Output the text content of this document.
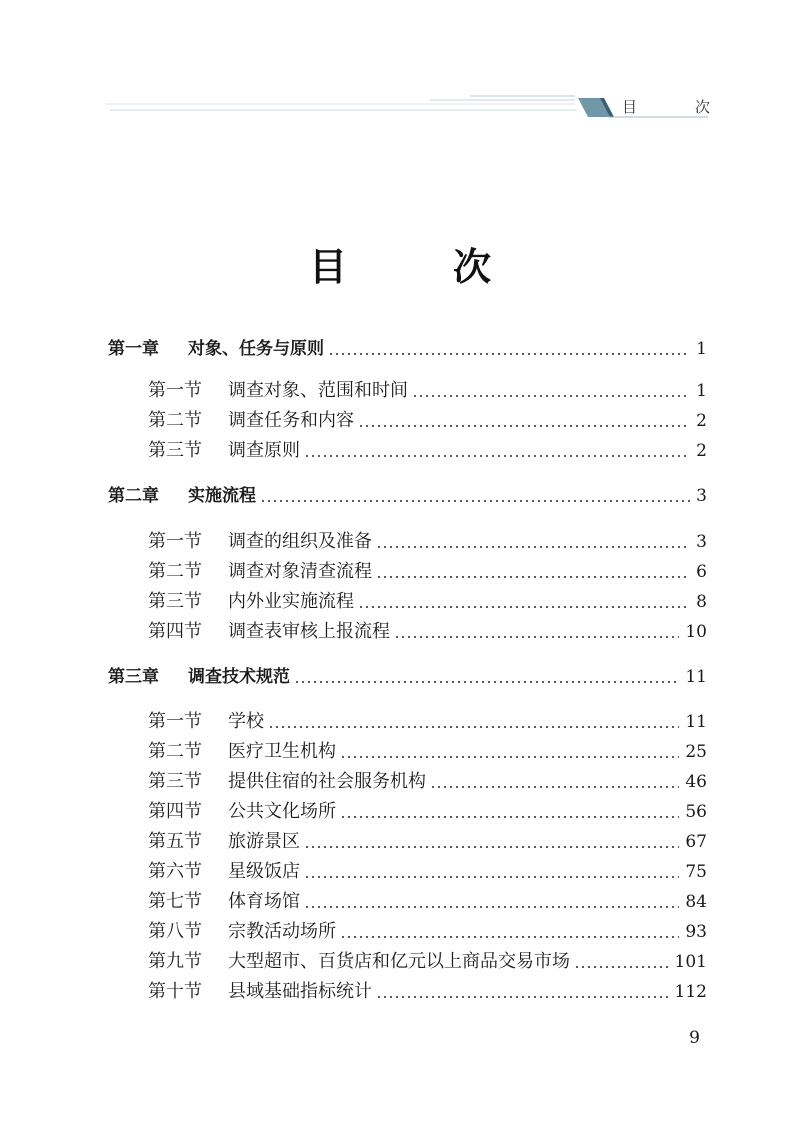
目	次
目	次
第一章	对象、任务与原则	1
第一节	调查对象、范围和时间	1
第二节	调查任务和内容	2
第三节	调查原则	2
第二章	实施流程	3
第一节	调查的组织及准备	3
第二节	调查对象清查流程	6
第三节	内外业实施流程	8
第四节	调查表审核上报流程	10
第三章	调查技术规范	11
第一节	学校	11
第二节	医疗卫生机构	25
第三节	提供住宿的社会服务机构	46
第四节	公共文化场所	56
第五节	旅游景区	67
第六节	星级饭店	75
第七节	体育场馆	84
第八节	宗教活动场所	93
第九节	大型超市、百货店和亿元以上商品交易市场	101
第十节	县域基础指标统计	112
9
